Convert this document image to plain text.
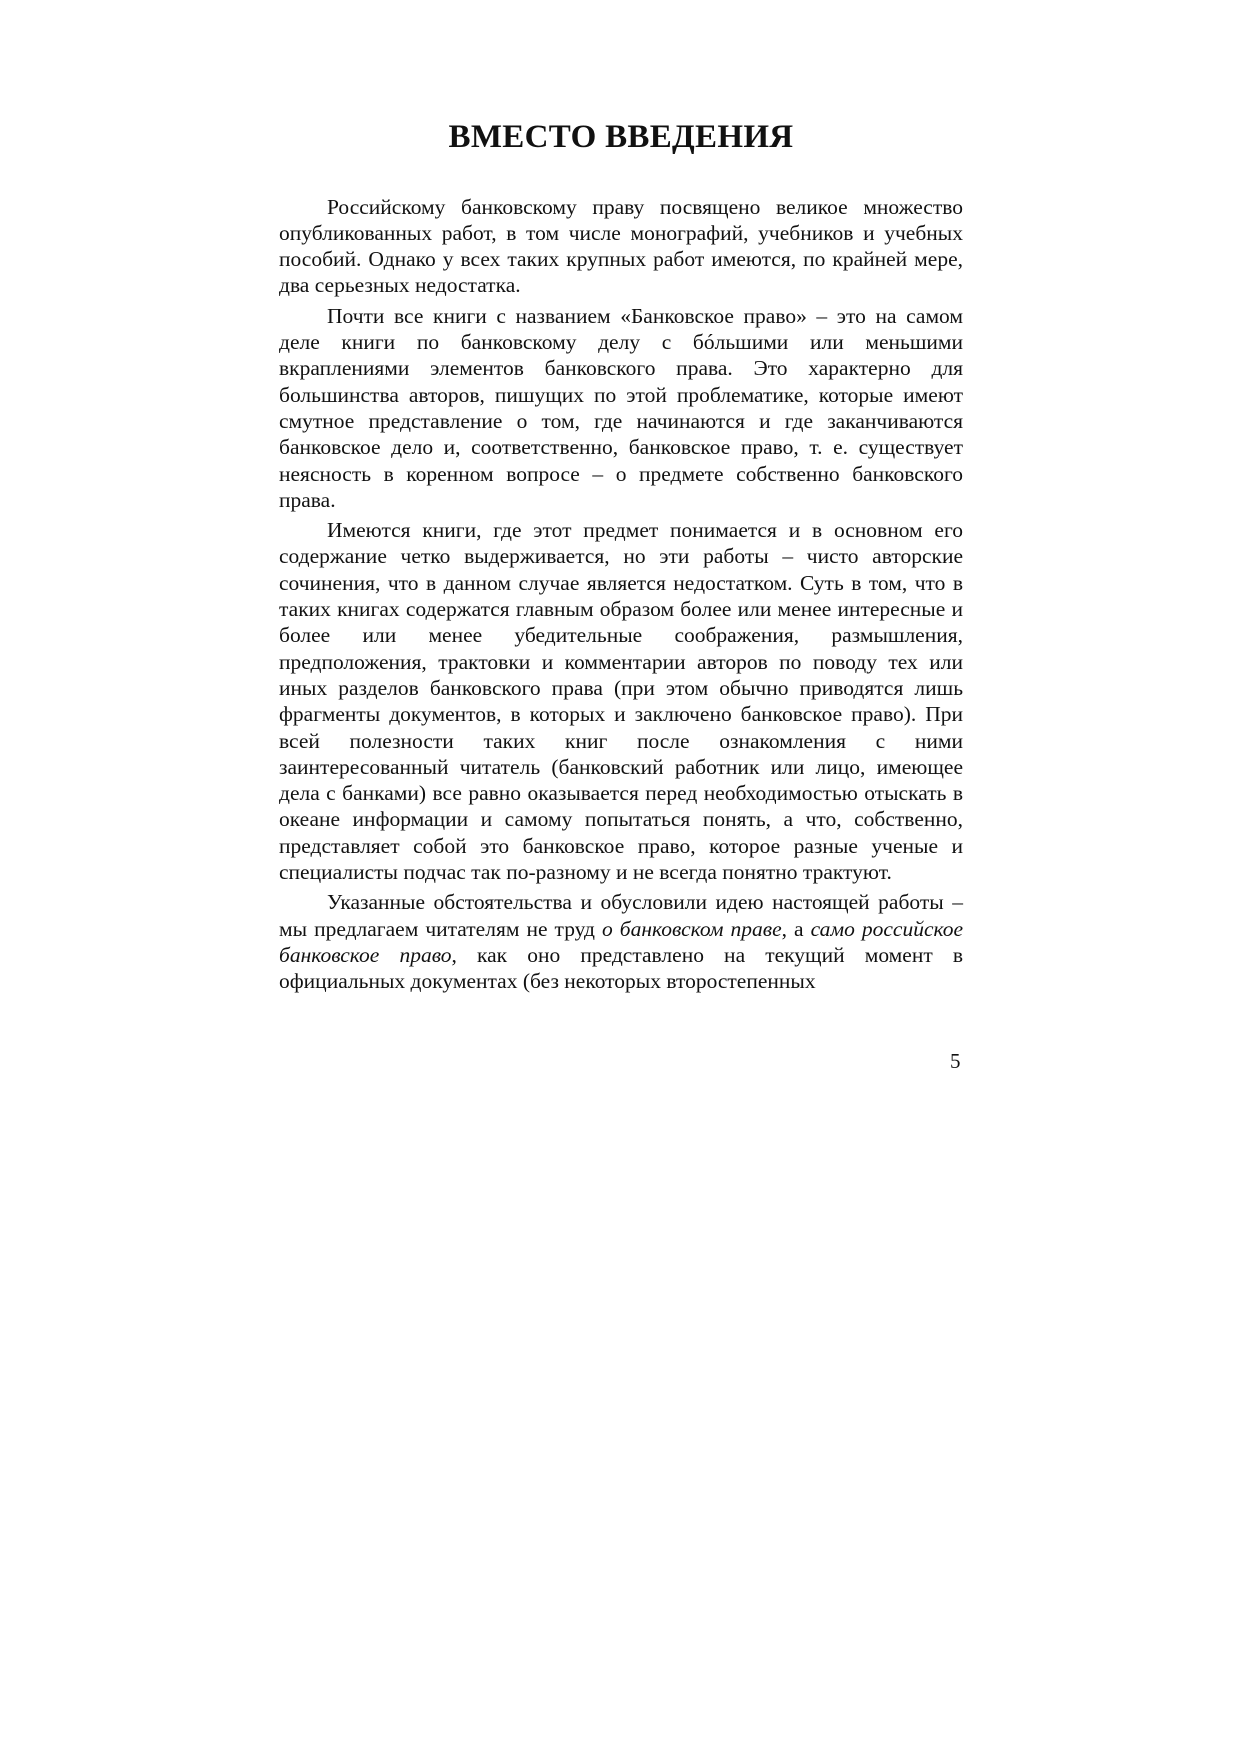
ВМЕСТО ВВЕДЕНИЯ

Российскому банковскому праву посвящено великое множество опубликованных работ, в том числе монографий, учебников и учебных пособий. Однако у всех таких крупных работ имеются, по крайней мере, два серьезных недостатка.

Почти все книги с названием «Банковское право» – это на самом деле книги по банковскому делу с бóльшими или меньшими вкраплениями элементов банковского права. Это характерно для большинства авторов, пишущих по этой проблематике, которые имеют смутное представление о том, где начинаются и где заканчиваются банковское дело и, соответственно, банковское право, т. е. существует неясность в коренном вопросе – о предмете собственно банковского права.

Имеются книги, где этот предмет понимается и в основном его содержание четко выдерживается, но эти работы – чисто авторские сочинения, что в данном случае является недостатком. Суть в том, что в таких книгах содержатся главным образом более или менее интересные и более или менее убедительные соображения, размышления, предположения, трактовки и комментарии авторов по поводу тех или иных разделов банковского права (при этом обычно приводятся лишь фрагменты документов, в которых и заключено банковское право). При всей полезности таких книг после ознакомления с ними заинтересованный читатель (банковский работник или лицо, имеющее дела с банками) все равно оказывается перед необходимостью отыскать в океане информации и самому попытаться понять, а что, собственно, представляет собой это банковское право, которое разные ученые и специалисты подчас так по-разному и не всегда понятно трактуют.

Указанные обстоятельства и обусловили идею настоящей работы – мы предлагаем читателям не труд о банковском праве, а само российское банковское право, как оно представлено на текущий момент в официальных документах (без некоторых второстепенных

5
